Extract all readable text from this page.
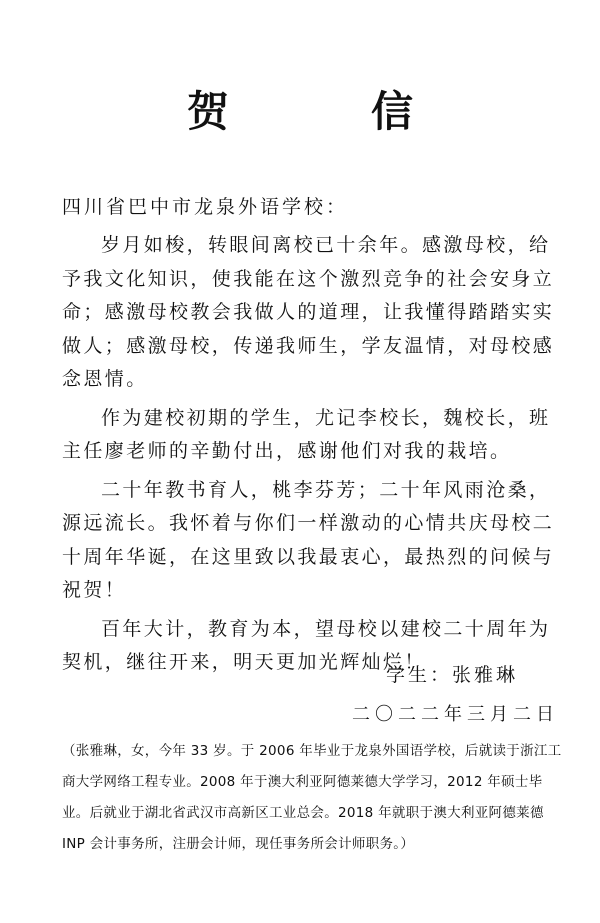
贺　信
四川省巴中市龙泉外语学校：

岁月如梭，转眼间离校已十余年。感激母校，给予我文化知识，使我能在这个激烈竞争的社会安身立命；感激母校教会我做人的道理，让我懂得踏踏实实做人；感激母校，传递我师生，学友温情，对母校感念恩情。

作为建校初期的学生，尤记李校长，魏校长，班主任廖老师的辛勤付出，感谢他们对我的栽培。

二十年教书育人，桃李芬芳；二十年风雨沧桑，源远流长。我怀着与你们一样激动的心情共庆母校二十周年华诞，在这里致以我最衷心，最热烈的问候与祝贺！

百年大计，教育为本，望母校以建校二十周年为契机，继往开来，明天更加光辉灿烂！

学生：张雅琳
二〇二二年三月二日
（张雅琳，女，今年 33 岁。于 2006 年毕业于龙泉外国语学校，后就读于浙江工商大学网络工程专业。2008 年于澳大利亚阿德莱德大学学习，2012 年硕士毕业。后就业于湖北省武汉市高新区工业总会。2018 年就职于澳大利亚阿德莱德 INP 会计事务所，注册会计师，现任事务所会计师职务。）
